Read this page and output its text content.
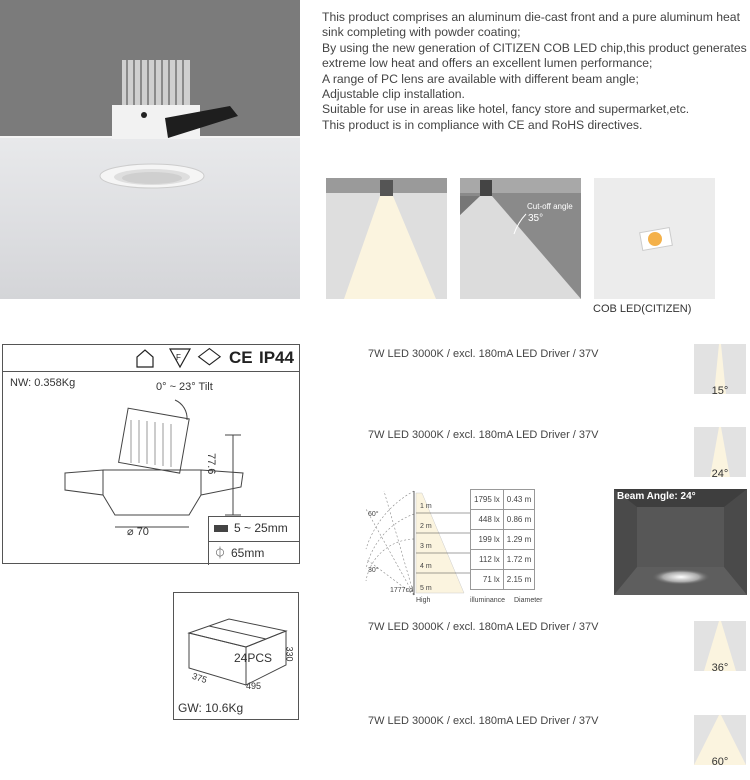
This product comprises an aluminum die-cast front and a pure aluminum heat sink completing with powder coating;

By using the new generation of CITIZEN COB LED chip,this product generates extreme low heat and offers an excellent lumen performance;

A range of PC lens are available with different beam angle;

Adjustable clip installation.

Suitable for use in areas like hotel, fancy store and supermarket,etc.

This product is in compliance with CE and RoHS directives.

Cut-off angle
35°
COB LED(CITIZEN)
F	CE IP44
NW: 0.358Kg	0° ~ 23° Tilt
77.6
⌀ 70	5 ~ 25mm
⏀ 65mm
24PCS
375
495
330
GW: 10.6Kg
7W LED 3000K / excl. 180mA LED Driver / 37V
7W LED 3000K / excl. 180mA LED Driver / 37V
7W LED 3000K / excl. 180mA LED Driver / 37V
7W LED 3000K / excl. 180mA LED Driver / 37V
15°
24°
36°
60°
1 m
2 m
3 m
4 m
5 m
60°
30°
1777cd
1795 lx	0.43 m
448 lx	0.86 m
199 lx	1.29 m
112 lx	1.72 m
71 lx	2.15 m
High	illuminance Diameter
Beam Angle: 24°
